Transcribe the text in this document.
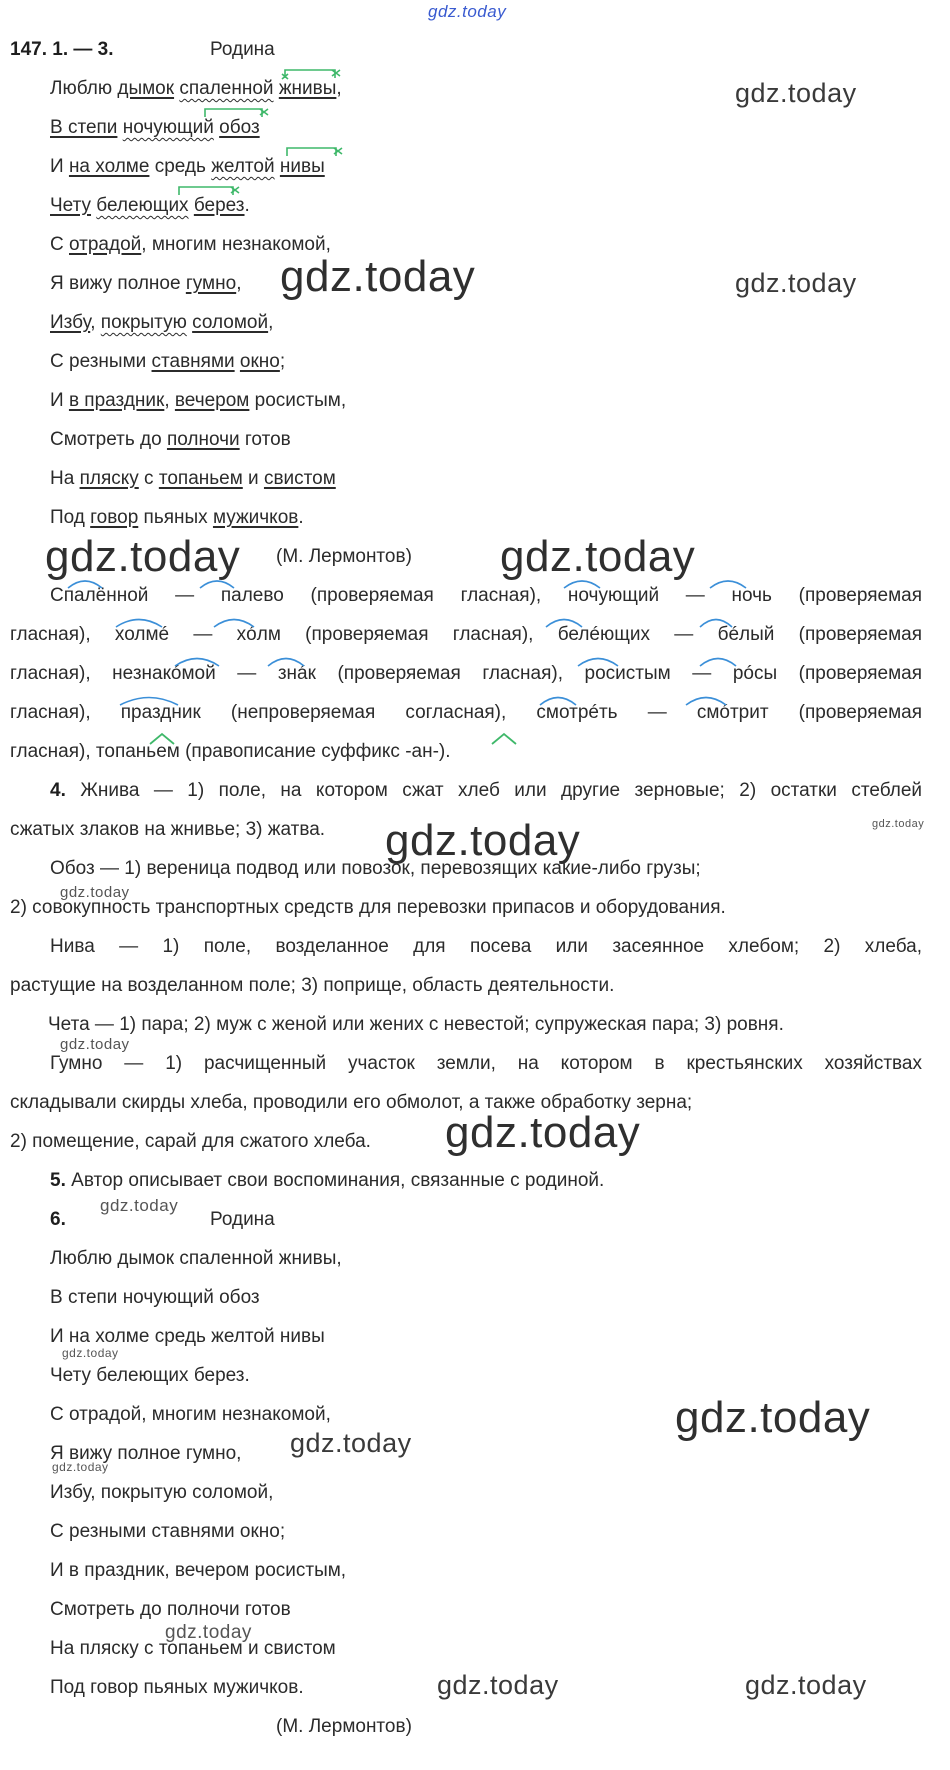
gdz.today
147. 1. — 3.	Родина
Люблю дымок спаленной жнивы,
В степи ночующий обоз
И на холме средь желтой нивы
Чету белеющих берез.
С отрадой, многим незнакомой,
Я вижу полное гумно,
Избу, покрытую соломой,
С резными ставнями окно;
И в праздник, вечером росистым,
Смотреть до полночи готов
На пляску с топаньем и свистом
Под говор пьяных мужичков.
(М. Лермонтов)
Спалённой — палево (проверяемая гласная), ночующий — ночь (проверяемая
гласная), холмé — хóлм (проверяемая гласная), белéющих — бéлый (проверяемая
гласная), незнакóмой — знáк (проверяемая гласная), росистым — рóсы (проверяемая
гласная), праздник (непроверяемая согласная), смотрéть — смóтрит (проверяемая
гласная), топаньем (правописание суффикс -ан-).
4. Жнива — 1) поле, на котором сжат хлеб или другие зерновые; 2) остатки стеблей
сжатых злаков на жнивье; 3) жатва.
Обоз — 1) вереница подвод или повозок, перевозящих какие-либо грузы;
2) совокупность транспортных средств для перевозки припасов и оборудования.
Нива — 1) поле, возделанное для посева или засеянное хлебом; 2) хлеба,
растущие на возделанном поле; 3) поприще, область деятельности.
Чета — 1) пара; 2) муж с женой или жених с невестой; супружеская пара; 3) ровня.
Гумно — 1) расчищенный участок земли, на котором в крестьянских хозяйствах
складывали скирды хлеба, проводили его обмолот, а также обработку зерна;
2) помещение, сарай для сжатого хлеба.
5. Автор описывает свои воспоминания, связанные с родиной.
6.	Родина
Люблю дымок спаленной жнивы,
В степи ночующий обоз
И на холме средь желтой нивы
Чету белеющих берез.
С отрадой, многим незнакомой,
Я вижу полное гумно,
Избу, покрытую соломой,
С резными ставнями окно;
И в праздник, вечером росистым,
Смотреть до полночи готов
На пляску с топаньем и свистом
Под говор пьяных мужичков.
(М. Лермонтов)
gdz.today
gdz.today	gdz.today
gdz.today	gdz.today
gdz.today
gdz.today
gdz.today
gdz.today
gdz.today
gdz.today
gdz.today
gdz.today
gdz.today
gdz.today
gdz.today
gdz.today	gdz.today
